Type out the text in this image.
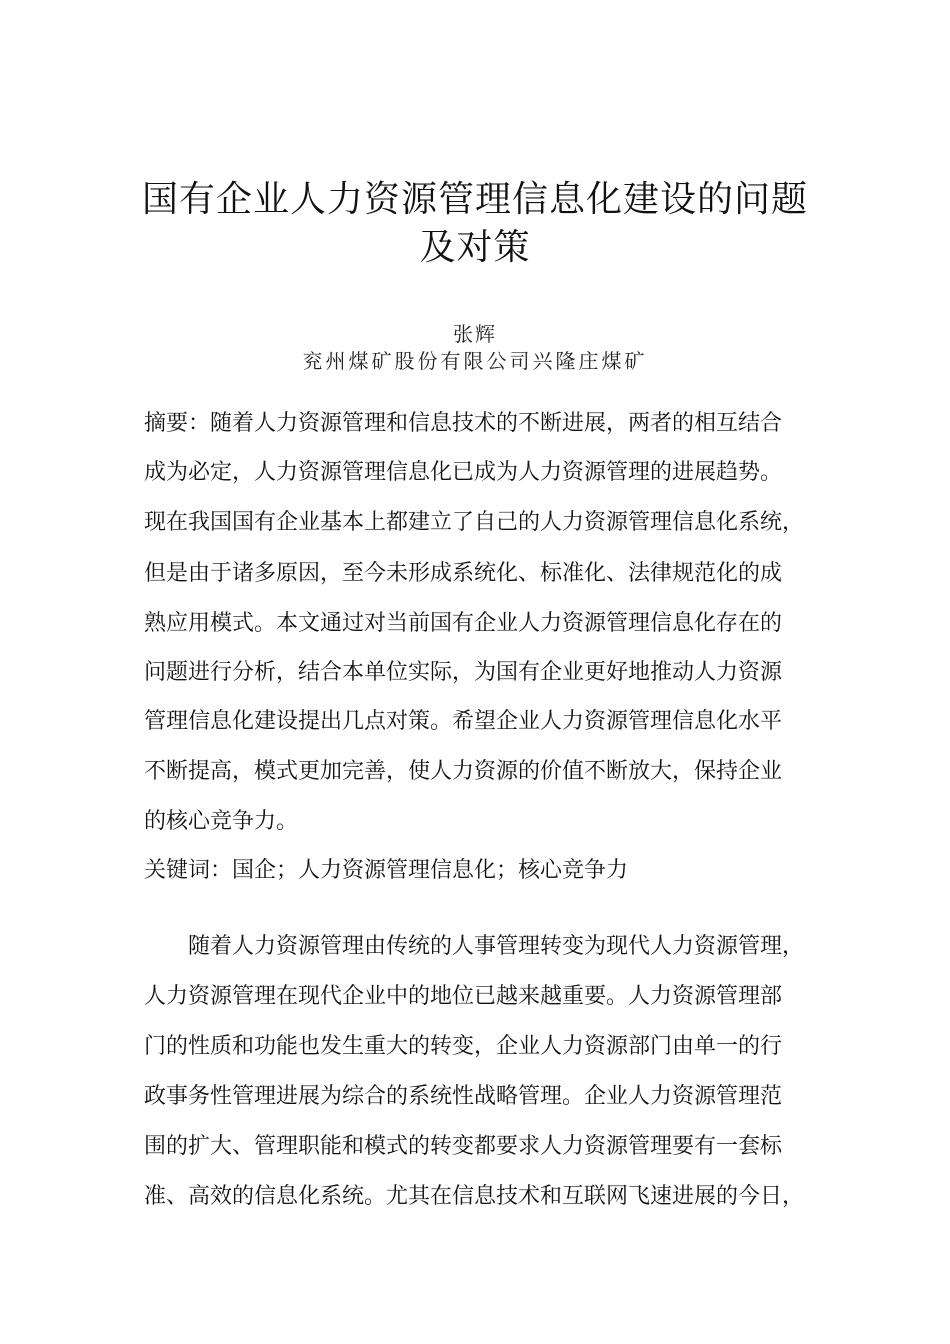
国有企业人力资源管理信息化建设的问题
及对策
张辉
兖州煤矿股份有限公司兴隆庄煤矿
摘要：随着人力资源管理和信息技术的不断进展，两者的相互结合
成为必定，人力资源管理信息化已成为人力资源管理的进展趋势。
现在我国国有企业基本上都建立了自己的人力资源管理信息化系统，
但是由于诸多原因，至今未形成系统化、标准化、法律规范化的成
熟应用模式。本文通过对当前国有企业人力资源管理信息化存在的
问题进行分析，结合本单位实际，为国有企业更好地推动人力资源
管理信息化建设提出几点对策。希望企业人力资源管理信息化水平
不断提高，模式更加完善，使人力资源的价值不断放大，保持企业
的核心竞争力。
关键词：国企；人力资源管理信息化；核心竞争力
　　随着人力资源管理由传统的人事管理转变为现代人力资源管理，
人力资源管理在现代企业中的地位已越来越重要。人力资源管理部
门的性质和功能也发生重大的转变，企业人力资源部门由单一的行
政事务性管理进展为综合的系统性战略管理。企业人力资源管理范
围的扩大、管理职能和模式的转变都要求人力资源管理要有一套标
准、高效的信息化系统。尤其在信息技术和互联网飞速进展的今日，
